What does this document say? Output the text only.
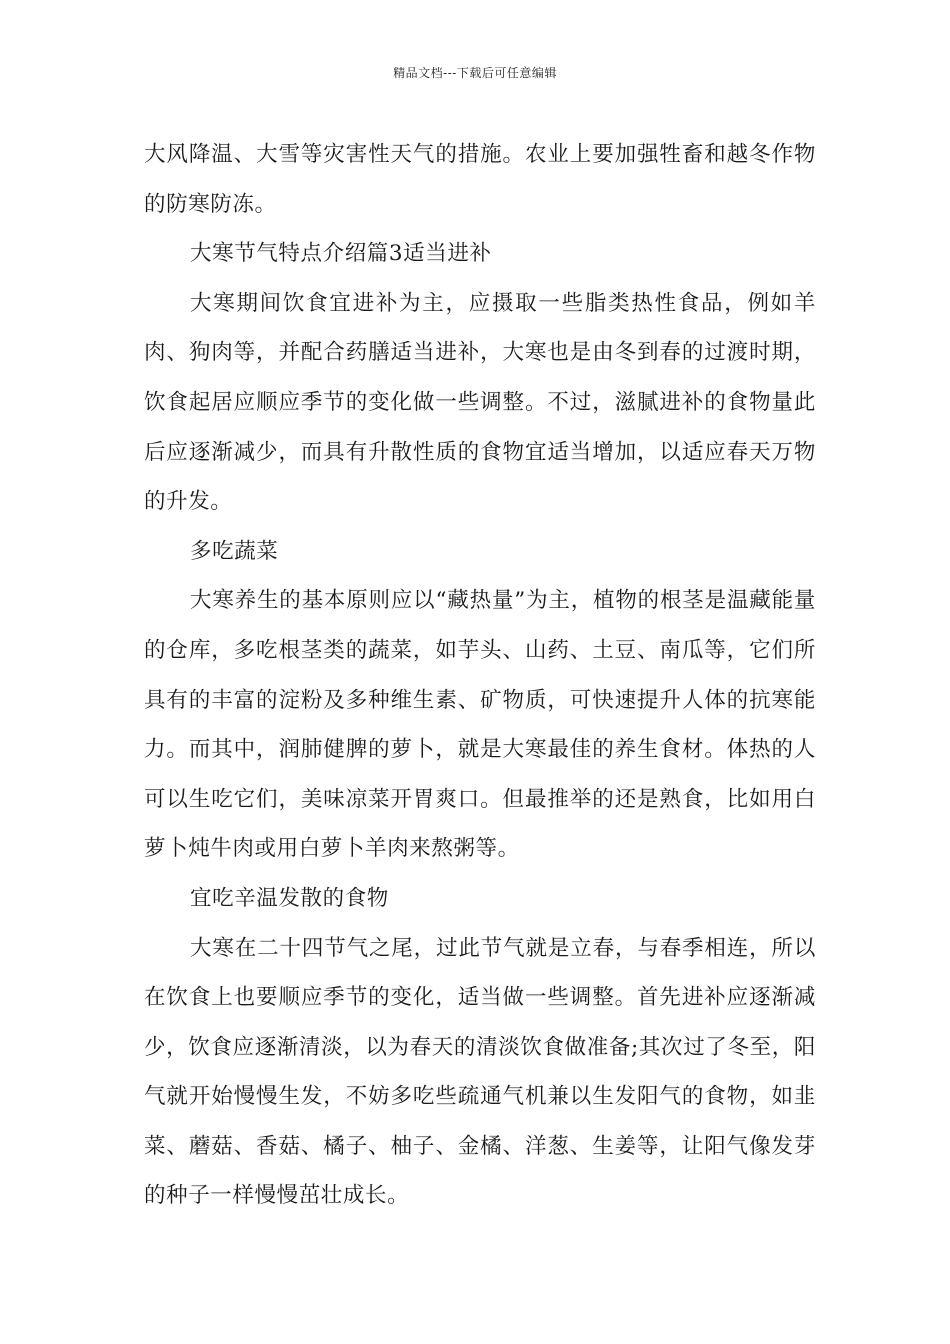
精品文档---下载后可任意编辑

大风降温、大雪等灾害性天气的措施。农业上要加强牲畜和越冬作物的防寒防冻。

大寒节气特点介绍篇3适当进补

大寒期间饮食宜进补为主，应摄取一些脂类热性食品，例如羊肉、狗肉等，并配合药膳适当进补，大寒也是由冬到春的过渡时期，饮食起居应顺应季节的变化做一些调整。不过，滋腻进补的食物量此后应逐渐减少，而具有升散性质的食物宜适当增加，以适应春天万物的升发。

多吃蔬菜

大寒养生的基本原则应以“藏热量”为主，植物的根茎是温藏能量的仓库，多吃根茎类的蔬菜，如芋头、山药、土豆、南瓜等，它们所具有的丰富的淀粉及多种维生素、矿物质，可快速提升人体的抗寒能力。而其中，润肺健脾的萝卜，就是大寒最佳的养生食材。体热的人可以生吃它们，美味凉菜开胃爽口。但最推举的还是熟食，比如用白萝卜炖牛肉或用白萝卜羊肉来熬粥等。

宜吃辛温发散的食物

大寒在二十四节气之尾，过此节气就是立春，与春季相连，所以在饮食上也要顺应季节的变化，适当做一些调整。首先进补应逐渐减少，饮食应逐渐清淡，以为春天的清淡饮食做准备;其次过了冬至，阳气就开始慢慢生发，不妨多吃些疏通气机兼以生发阳气的食物，如韭菜、蘑菇、香菇、橘子、柚子、金橘、洋葱、生姜等，让阳气像发芽的种子一样慢慢茁壮成长。
